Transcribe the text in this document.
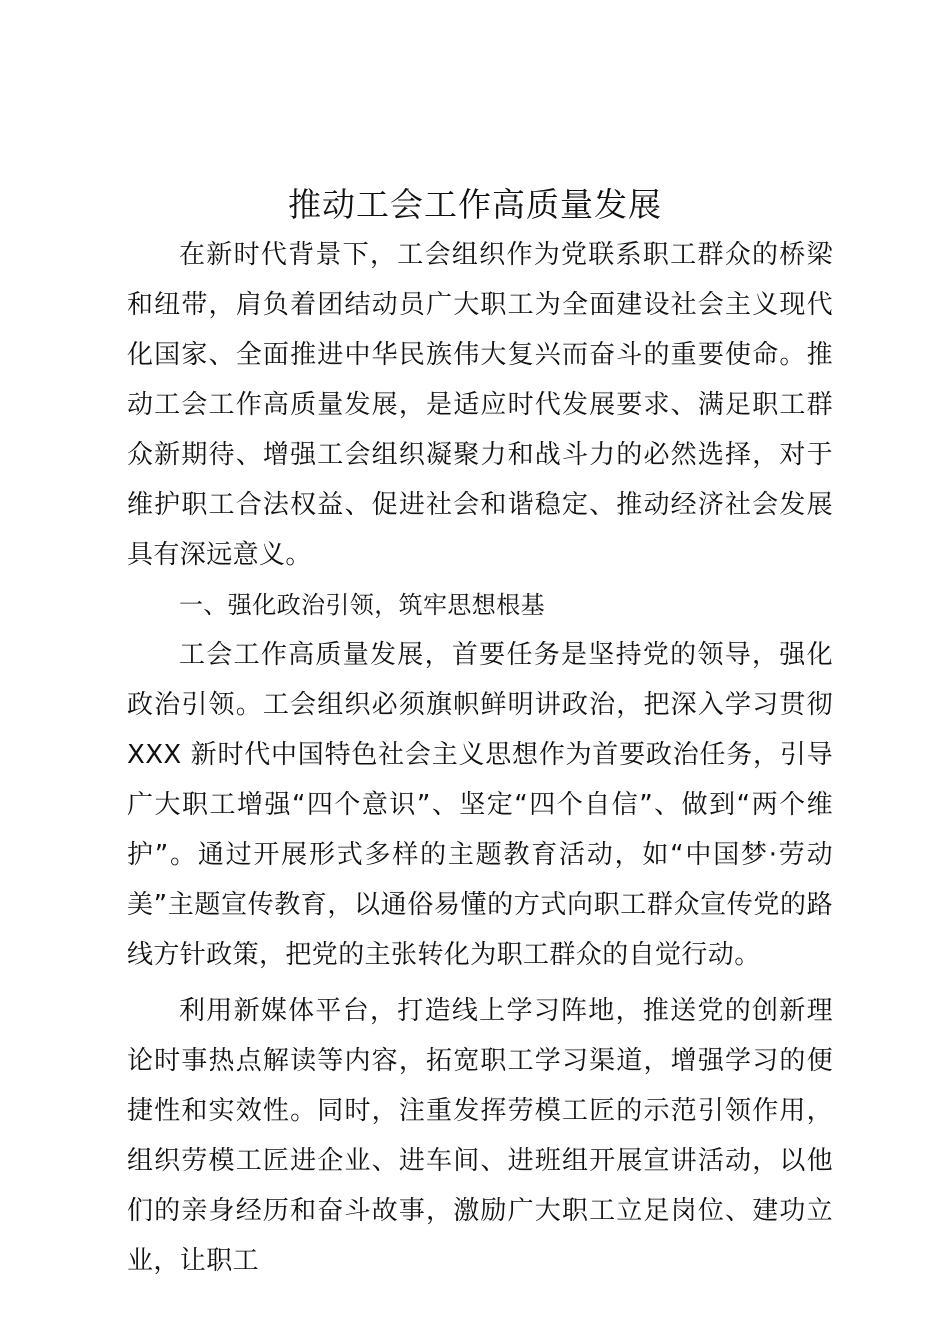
推动工会工作高质量发展

在新时代背景下，工会组织作为党联系职工群众的桥梁和纽带，肩负着团结动员广大职工为全面建设社会主义现代化国家、全面推进中华民族伟大复兴而奋斗的重要使命。推动工会工作高质量发展，是适应时代发展要求、满足职工群众新期待、增强工会组织凝聚力和战斗力的必然选择，对于维护职工合法权益、促进社会和谐稳定、推动经济社会发展具有深远意义。

一、强化政治引领，筑牢思想根基

工会工作高质量发展，首要任务是坚持党的领导，强化政治引领。工会组织必须旗帜鲜明讲政治，把深入学习贯彻 XXX 新时代中国特色社会主义思想作为首要政治任务，引导广大职工增强“四个意识”、坚定“四个自信”、做到“两个维护”。通过开展形式多样的主题教育活动，如“中国梦·劳动美”主题宣传教育，以通俗易懂的方式向职工群众宣传党的路线方针政策，把党的主张转化为职工群众的自觉行动。

利用新媒体平台，打造线上学习阵地，推送党的创新理论时事热点解读等内容，拓宽职工学习渠道，增强学习的便捷性和实效性。同时，注重发挥劳模工匠的示范引领作用，组织劳模工匠进企业、进车间、进班组开展宣讲活动，以他们的亲身经历和奋斗故事，激励广大职工立足岗位、建功立业，让职工
